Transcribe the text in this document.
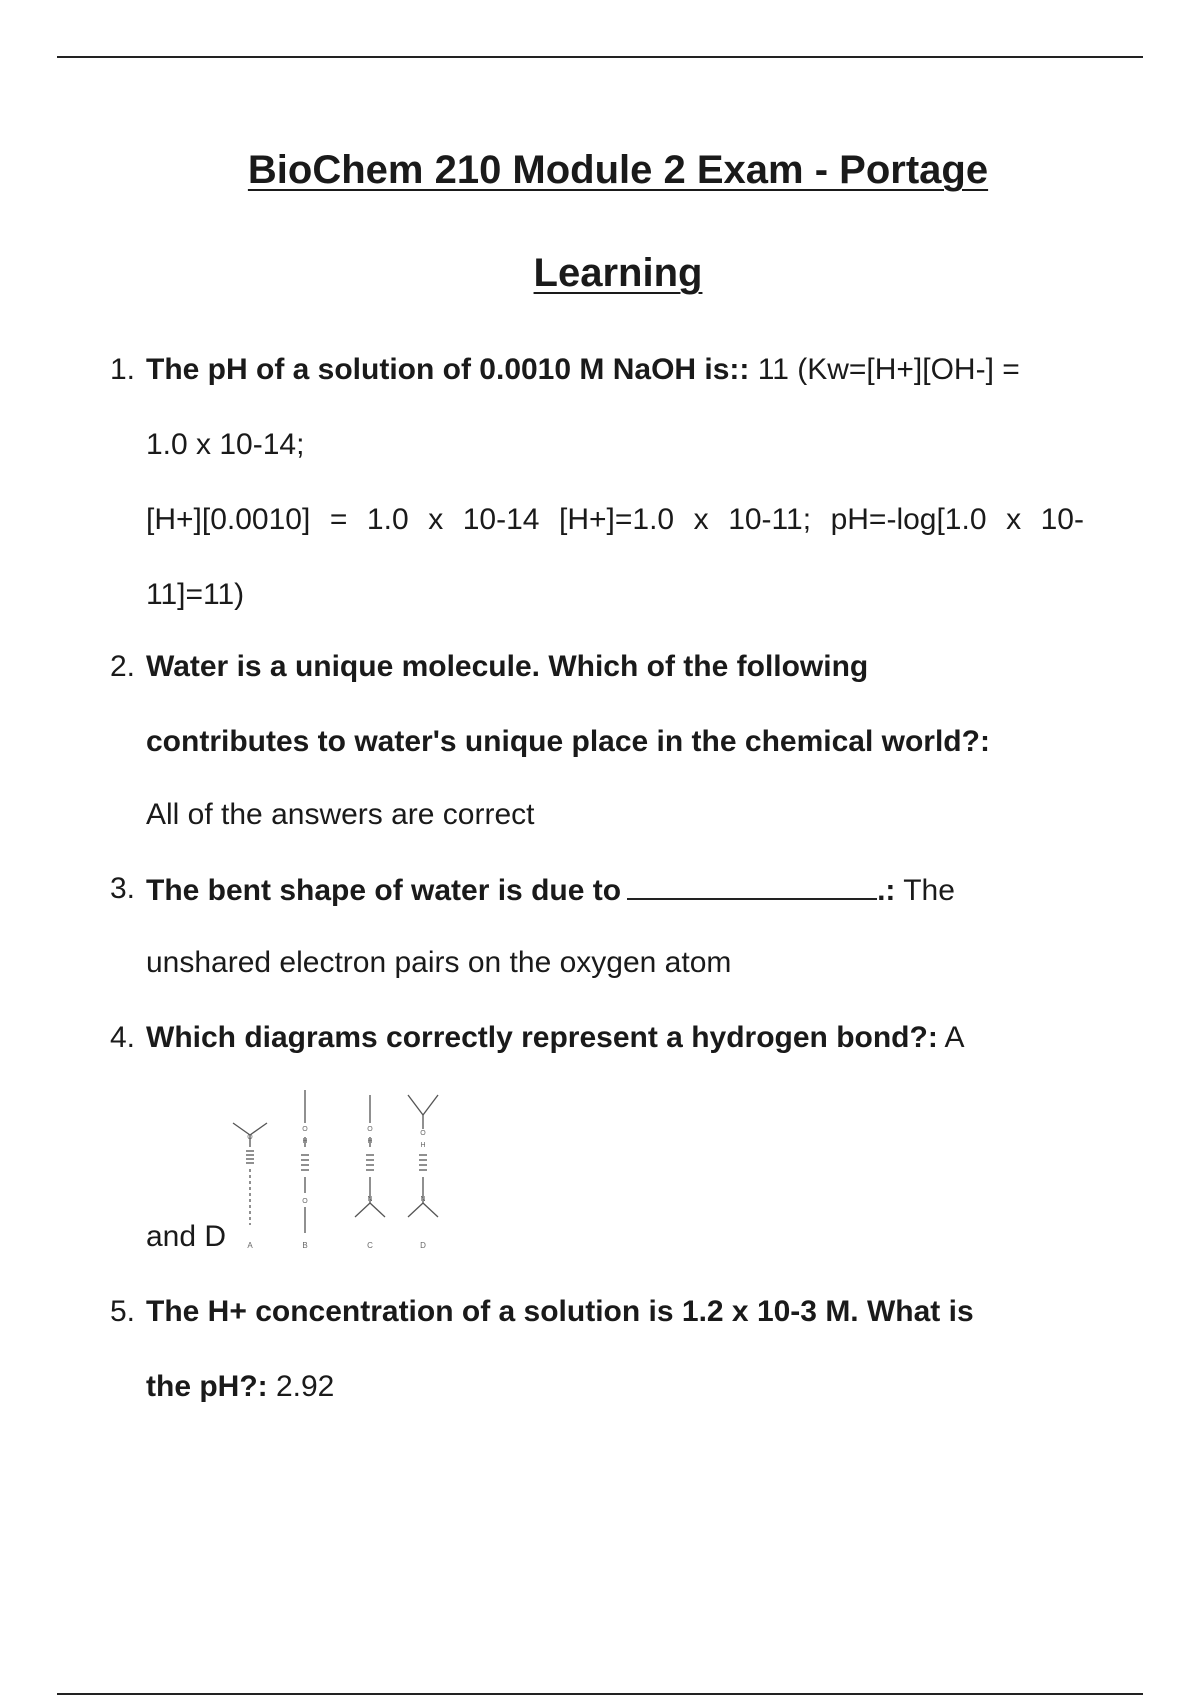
BioChem 210 Module 2 Exam - Portage
Learning
1. The pH of a solution of 0.0010 M NaOH is:: 11 (Kw=[H+][OH-] =
1.0 x 10-14;
[H+][0.0010] = 1.0 x 10-14 [H+]=1.0 x 10-11; pH=-log[1.0 x 10-
11]=11)
2. Water is a unique molecule. Which of the following
contributes to water's unique place in the chemical world?:
All of the answers are correct
3. The bent shape of water is due to	.: The
unshared electron pairs on the oxygen atom
4. Which diagrams correctly represent a hydrogen bond?: A
and D
O
H
O
O
H
N
O
H
N
O
A	B	C	D
5. The H+ concentration of a solution is 1.2 x 10-3 M. What is
the pH?: 2.92
